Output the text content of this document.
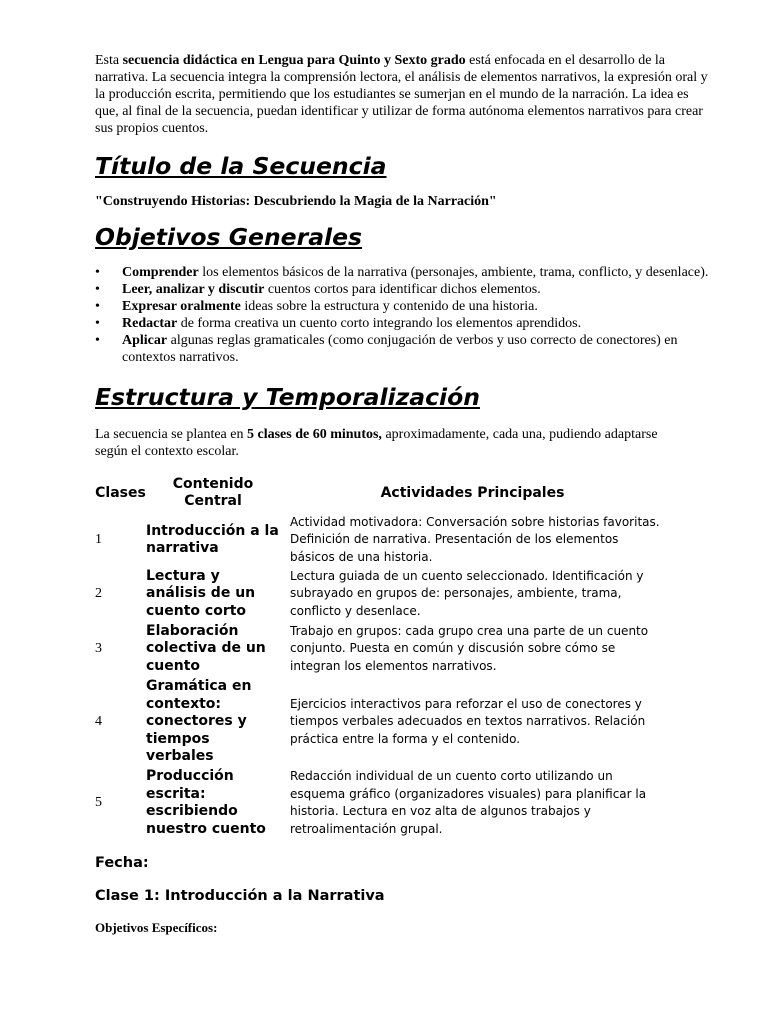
Esta secuencia didáctica en Lengua para Quinto y Sexto grado está enfocada en el desarrollo de la narrativa. La secuencia integra la comprensión lectora, el análisis de elementos narrativos, la expresión oral y la producción escrita, permitiendo que los estudiantes se sumerjan en el mundo de la narración. La idea es que, al final de la secuencia, puedan identificar y utilizar de forma autónoma elementos narrativos para crear sus propios cuentos.

Título de la Secuencia

"Construyendo Historias: Descubriendo la Magia de la Narración"

Objetivos Generales
• Comprender los elementos básicos de la narrativa (personajes, ambiente, trama, conflicto, y desenlace).
• Leer, analizar y discutir cuentos cortos para identificar dichos elementos.
• Expresar oralmente ideas sobre la estructura y contenido de una historia.
• Redactar de forma creativa un cuento corto integrando los elementos aprendidos.
• Aplicar algunas reglas gramaticales (como conjugación de verbos y uso correcto de conectores) en contextos narrativos.
Estructura y Temporalización

La secuencia se plantea en 5 clases de 60 minutos, aproximadamente, cada una, pudiendo adaptarse según el contexto escolar.

Clases	Contenido Central	Actividades Principales

1	Introducción a la narrativa	Actividad motivadora: Conversación sobre historias favoritas. Definición de narrativa. Presentación de los elementos básicos de una historia.
2	Lectura y análisis de un cuento corto	Lectura guiada de un cuento seleccionado. Identificación y subrayado en grupos de: personajes, ambiente, trama, conflicto y desenlace.
3	Elaboración colectiva de un cuento	Trabajo en grupos: cada grupo crea una parte de un cuento conjunto. Puesta en común y discusión sobre cómo se integran los elementos narrativos.
4	Gramática en contexto: conectores y tiempos verbales	Ejercicios interactivos para reforzar el uso de conectores y tiempos verbales adecuados en textos narrativos. Relación práctica entre la forma y el contenido.
5	Producción escrita: escribiendo nuestro cuento	Redacción individual de un cuento corto utilizando un esquema gráfico (organizadores visuales) para planificar la historia. Lectura en voz alta de algunos trabajos y retroalimentación grupal.

Fecha:

Clase 1: Introducción a la Narrativa

Objetivos Específicos:
